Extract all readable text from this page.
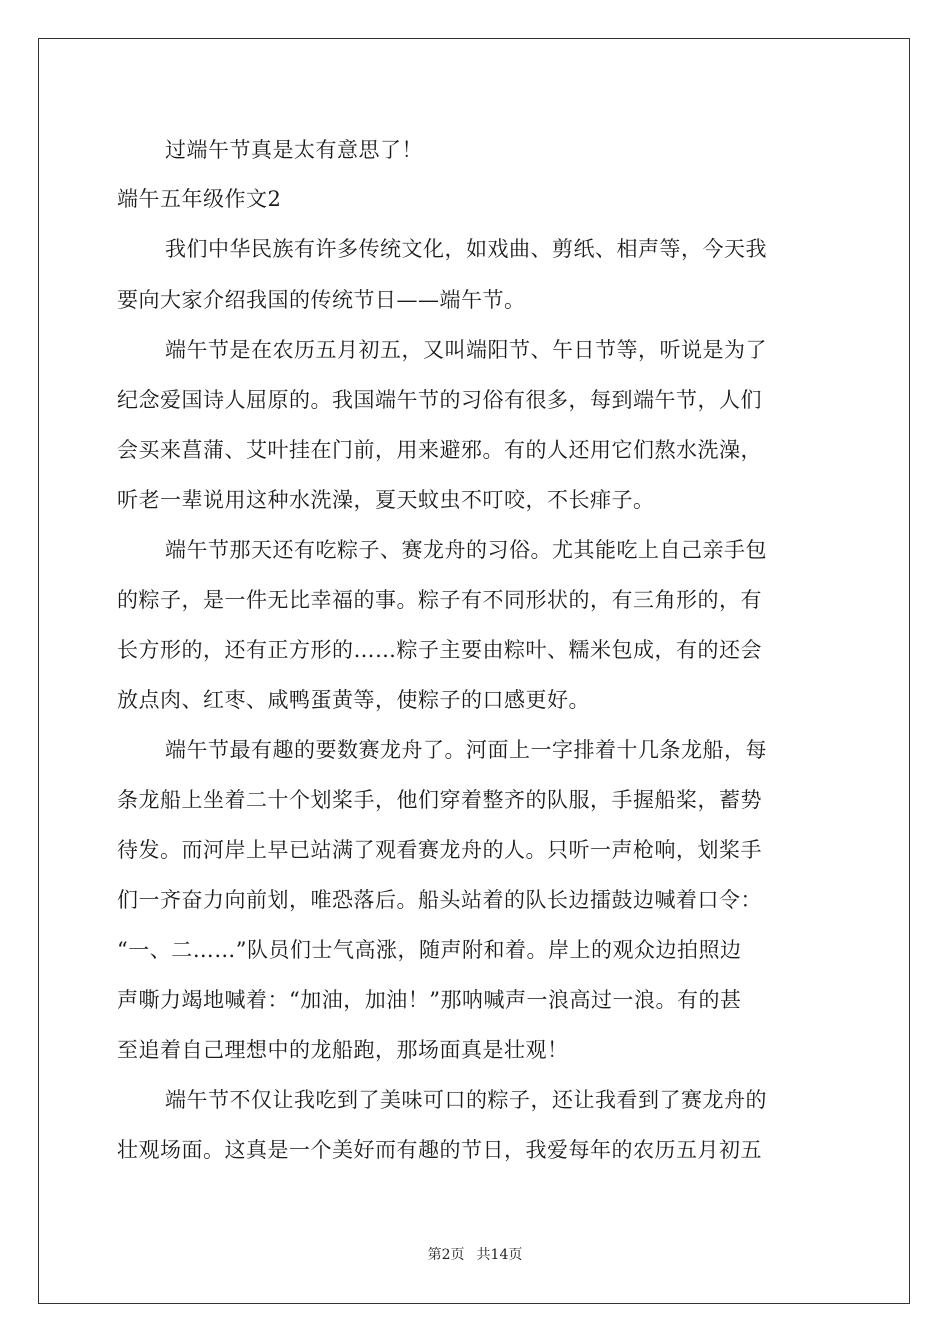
过端午节真是太有意思了！
端午五年级作文2
我们中华民族有许多传统文化，如戏曲、剪纸、相声等，今天我
要向大家介绍我国的传统节日——端午节。
端午节是在农历五月初五，又叫端阳节、午日节等，听说是为了
纪念爱国诗人屈原的。我国端午节的习俗有很多，每到端午节，人们
会买来菖蒲、艾叶挂在门前，用来避邪。有的人还用它们熬水洗澡，
听老一辈说用这种水洗澡，夏天蚊虫不叮咬，不长痱子。
端午节那天还有吃粽子、赛龙舟的习俗。尤其能吃上自己亲手包
的粽子，是一件无比幸福的事。粽子有不同形状的，有三角形的，有
长方形的，还有正方形的……粽子主要由粽叶、糯米包成，有的还会
放点肉、红枣、咸鸭蛋黄等，使粽子的口感更好。
端午节最有趣的要数赛龙舟了。河面上一字排着十几条龙船，每
条龙船上坐着二十个划桨手，他们穿着整齐的队服，手握船桨，蓄势
待发。而河岸上早已站满了观看赛龙舟的人。只听一声枪响，划桨手
们一齐奋力向前划，唯恐落后。船头站着的队长边擂鼓边喊着口令：
“一、二……”队员们士气高涨，随声附和着。岸上的观众边拍照边
声嘶力竭地喊着：“加油，加油！”那呐喊声一浪高过一浪。有的甚
至追着自己理想中的龙船跑，那场面真是壮观！
端午节不仅让我吃到了美味可口的粽子，还让我看到了赛龙舟的
壮观场面。这真是一个美好而有趣的节日，我爱每年的农历五月初五
第2页 共14页
